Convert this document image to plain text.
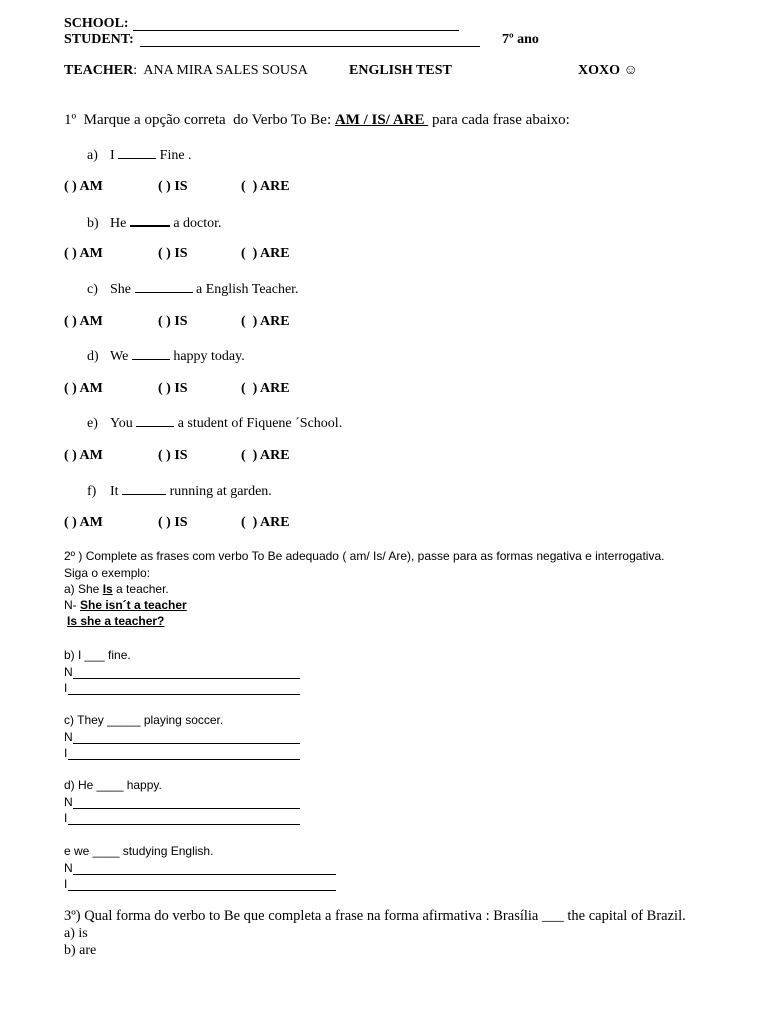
SCHOOL:
STUDENT:	7º ano
TEACHER:  ANA MIRA SALES SOUSA	ENGLISH TEST	XOXO ☺
1º  Marque a opção correta  do Verbo To Be: AM / IS/ ARE  para cada frase abaixo:
a) I	Fine .
( ) AM	( ) IS	(  ) ARE
b) He	a doctor.
( ) AM	( ) IS	(  ) ARE
c) She	a English Teacher.
( ) AM	( ) IS	(  ) ARE
d) We	happy today.
( ) AM	( ) IS	(  ) ARE
e) You	a student of Fiquene ´School.
( ) AM	( ) IS	(  ) ARE
f) It	running at garden.
( ) AM	( ) IS	(  ) ARE
2º ) Complete as frases com verbo To Be adequado ( am/ Is/ Are), passe para as formas negativa e interrogativa.
Siga o exemplo:
a) She Is a teacher.
N- She isn´t a teacher
Is she a teacher?
b) I ___ fine.
N
I
c) They _____ playing soccer.
N
I
d) He ____ happy.
N
I
e we ____ studying English.
N
I
3º) Qual forma do verbo to Be que completa a frase na forma afirmativa : Brasília ___ the capital of Brazil.
a) is
b) are
